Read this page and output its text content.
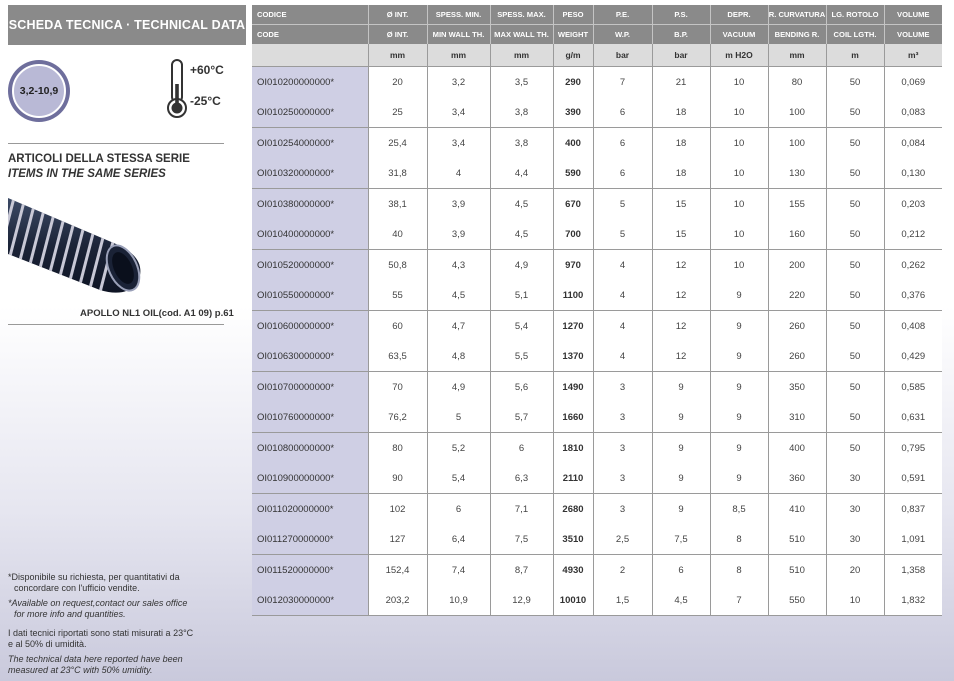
SCHEDA TECNICA · TECHNICAL DATA
3,2-10,9
+60°C
-25°C
ARTICOLI DELLA STESSA SERIE
ITEMS IN THE SAME SERIES
APOLLO NL1 OIL(cod. A1 09) p.61
*Disponibile su richiesta, per quantitativi da
concordare con l'ufficio vendite.
*Available on request,contact our sales office
for more info and quantities.
I dati tecnici riportati sono stati misurati a 23°C
e al 50% di umidità.
The technical data here reported have been
measured at 23°C with 50% umidity.
CODICE	Ø INT.	SPESS. MIN.	SPESS. MAX.	PESO	P.E.	P.S.	DEPR.	R. CURVATURA	LG. ROTOLO	VOLUME
CODE	Ø INT.	MIN WALL TH.	MAX WALL TH.	WEIGHT	W.P.	B.P.	VACUUM	BENDING R.	COIL LGTH.	VOLUME
	mm	mm	mm	g/m	bar	bar	m H2O	mm	m	m³
OI010200000000*	20	3,2	3,5	290	7	21	10	80	50	0,069
OI010250000000*	25	3,4	3,8	390	6	18	10	100	50	0,083
OI010254000000*	25,4	3,4	3,8	400	6	18	10	100	50	0,084
OI010320000000*	31,8	4	4,4	590	6	18	10	130	50	0,130
OI010380000000*	38,1	3,9	4,5	670	5	15	10	155	50	0,203
OI010400000000*	40	3,9	4,5	700	5	15	10	160	50	0,212
OI010520000000*	50,8	4,3	4,9	970	4	12	10	200	50	0,262
OI010550000000*	55	4,5	5,1	1100	4	12	9	220	50	0,376
OI010600000000*	60	4,7	5,4	1270	4	12	9	260	50	0,408
OI010630000000*	63,5	4,8	5,5	1370	4	12	9	260	50	0,429
OI010700000000*	70	4,9	5,6	1490	3	9	9	350	50	0,585
OI010760000000*	76,2	5	5,7	1660	3	9	9	310	50	0,631
OI010800000000*	80	5,2	6	1810	3	9	9	400	50	0,795
OI010900000000*	90	5,4	6,3	2110	3	9	9	360	30	0,591
OI011020000000*	102	6	7,1	2680	3	9	8,5	410	30	0,837
OI011270000000*	127	6,4	7,5	3510	2,5	7,5	8	510	30	1,091
OI011520000000*	152,4	7,4	8,7	4930	2	6	8	510	20	1,358
OI012030000000*	203,2	10,9	12,9	10010	1,5	4,5	7	550	10	1,832
